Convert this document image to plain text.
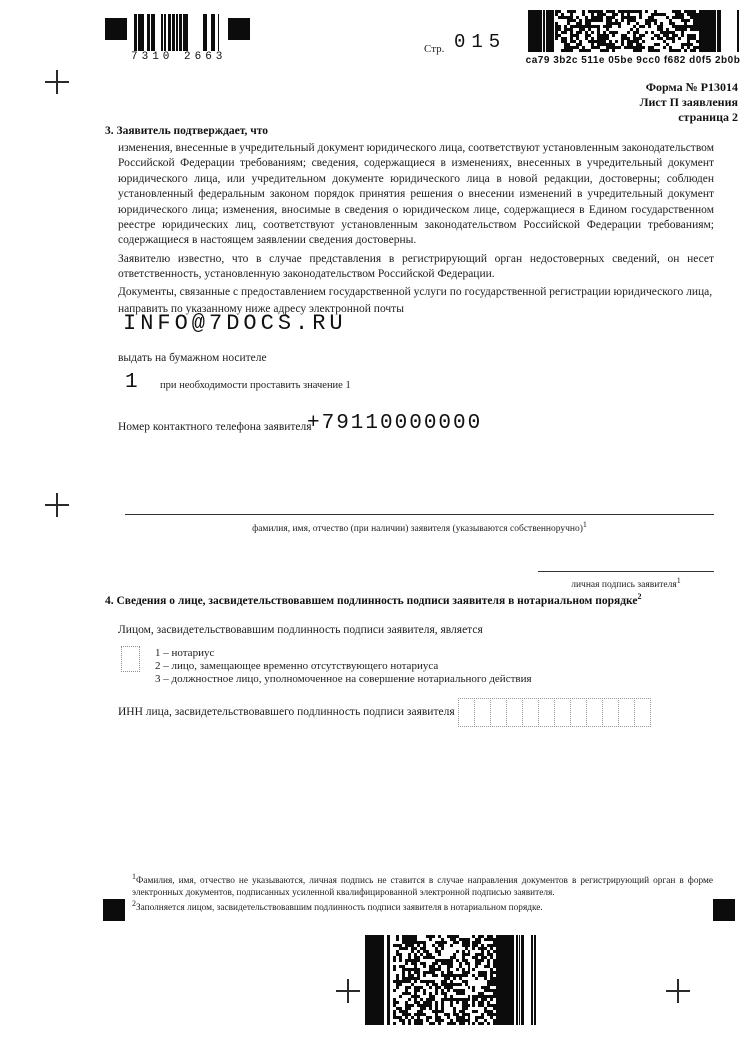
7310 2663
Стр. 015
ca79 3b2c 511e 05be 9cc0 f682 d0f5 2b0b
Форма № Р13014
Лист П заявления
страница 2
3. Заявитель подтверждает, что
изменения, внесенные в учредительный документ юридического лица, соответствуют установленным законодательством Российской Федерации требованиям; сведения, содержащиеся в изменениях, внесенных в учредительный документ юридического лица, или учредительном документе юридического лица в новой редакции, достоверны; соблюден установленный федеральным законом порядок принятия решения о внесении изменений в учредительный документ юридического лица; изменения, вносимые в сведения о юридическом лице, содержащиеся в Едином государственном реестре юридических лиц, соответствуют установленным законодательством Российской Федерации требованиям; содержащиеся в настоящем заявлении сведения достоверны.
Заявителю известно, что в случае представления в регистрирующий орган недостоверных сведений, он несет ответственность, установленную законодательством Российской Федерации.
Документы, связанные с предоставлением государственной услуги по государственной регистрации юридического лица,
направить по указанному ниже адресу электронной почты
INFO@7DOCS.RU
выдать на бумажном носителе
1 при необходимости проставить значение 1
Номер контактного телефона заявителя
+79110000000
фамилия, имя, отчество (при наличии) заявителя (указываются собственноручно)$^1$
личная подпись заявителя$^1$
4. Сведения о лице, засвидетельствовавшем подлинность подписи заявителя в нотариальном порядке$^2$
Лицом, засвидетельствовавшим подлинность подписи заявителя, является
1 – нотариус
2 – лицо, замещающее временно отсутствующего нотариуса
3 – должностное лицо, уполномоченное на совершение нотариального действия
ИНН лица, засвидетельствовавшего подлинность подписи заявителя
$^1$Фамилия, имя, отчество не указываются, личная подпись не ставится в случае направления документов в регистрирующий орган в форме электронных документов, подписанных усиленной квалифицированной электронной подписью заявителя.
$^2$Заполняется лицом, засвидетельствовавшим подлинность подписи заявителя в нотариальном порядке.
